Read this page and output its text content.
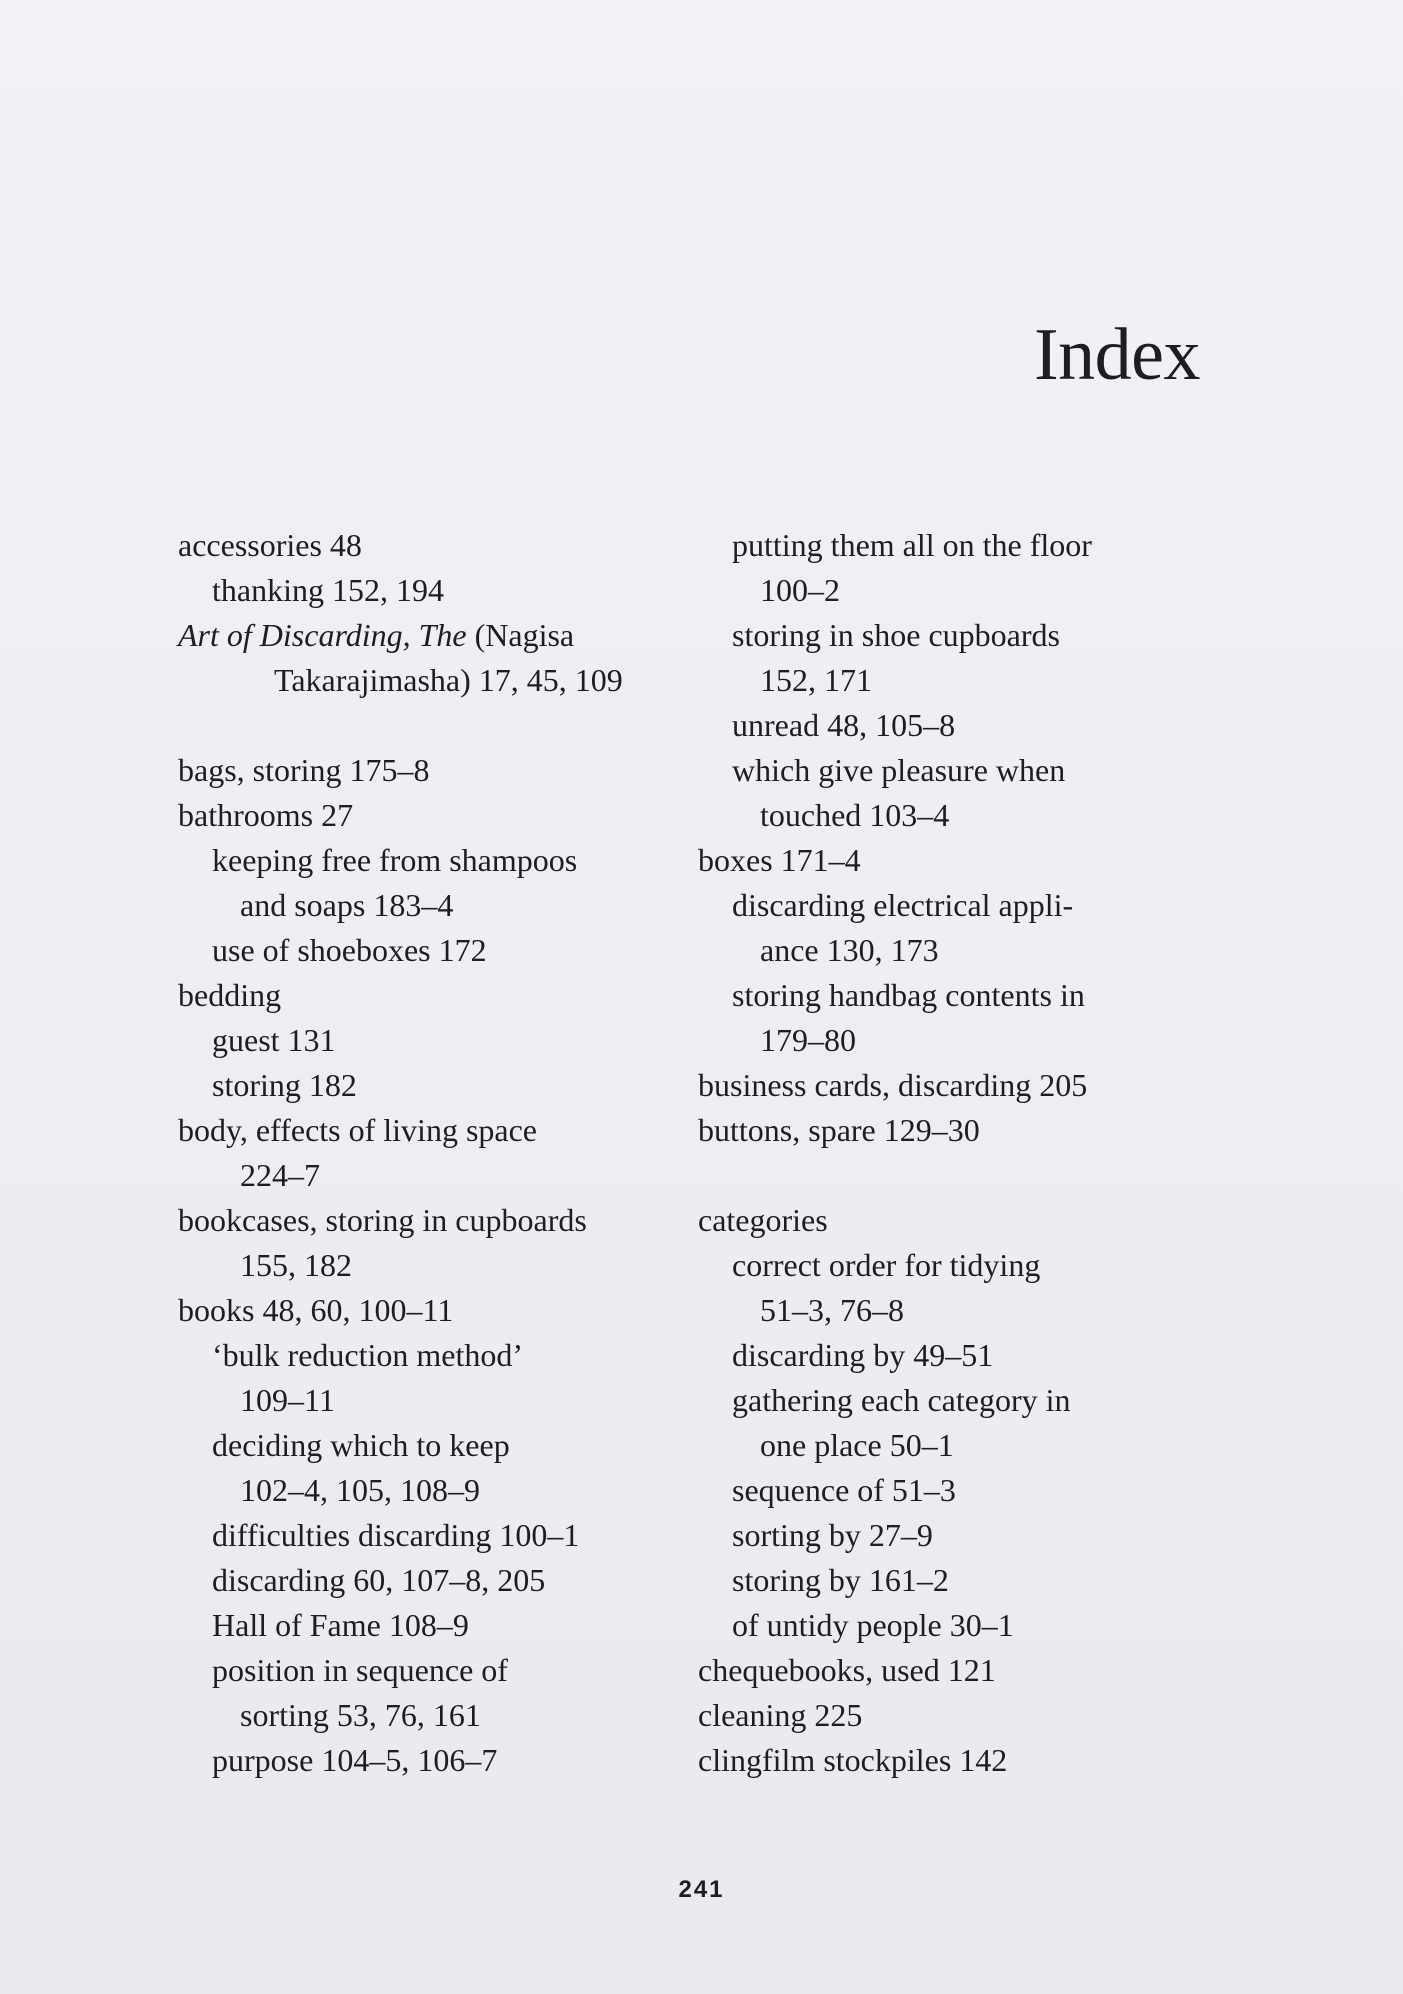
Index
accessories 48
thanking 152, 194
Art of Discarding, The (Nagisa
Takarajimasha) 17, 45, 109
bags, storing 175–8
bathrooms 27
keeping free from shampoos
and soaps 183–4
use of shoeboxes 172
bedding
guest 131
storing 182
body, effects of living space
224–7
bookcases, storing in cupboards
155, 182
books 48, 60, 100–11
‘bulk reduction method’
109–11
deciding which to keep
102–4, 105, 108–9
difficulties discarding 100–1
discarding 60, 107–8, 205
Hall of Fame 108–9
position in sequence of
sorting 53, 76, 161
purpose 104–5, 106–7
putting them all on the floor
100–2
storing in shoe cupboards
152, 171
unread 48, 105–8
which give pleasure when
touched 103–4
boxes 171–4
discarding electrical appli-
ance 130, 173
storing handbag contents in
179–80
business cards, discarding 205
buttons, spare 129–30
categories
correct order for tidying
51–3, 76–8
discarding by 49–51
gathering each category in
one place 50–1
sequence of 51–3
sorting by 27–9
storing by 161–2
of untidy people 30–1
chequebooks, used 121
cleaning 225
clingfilm stockpiles 142
241
